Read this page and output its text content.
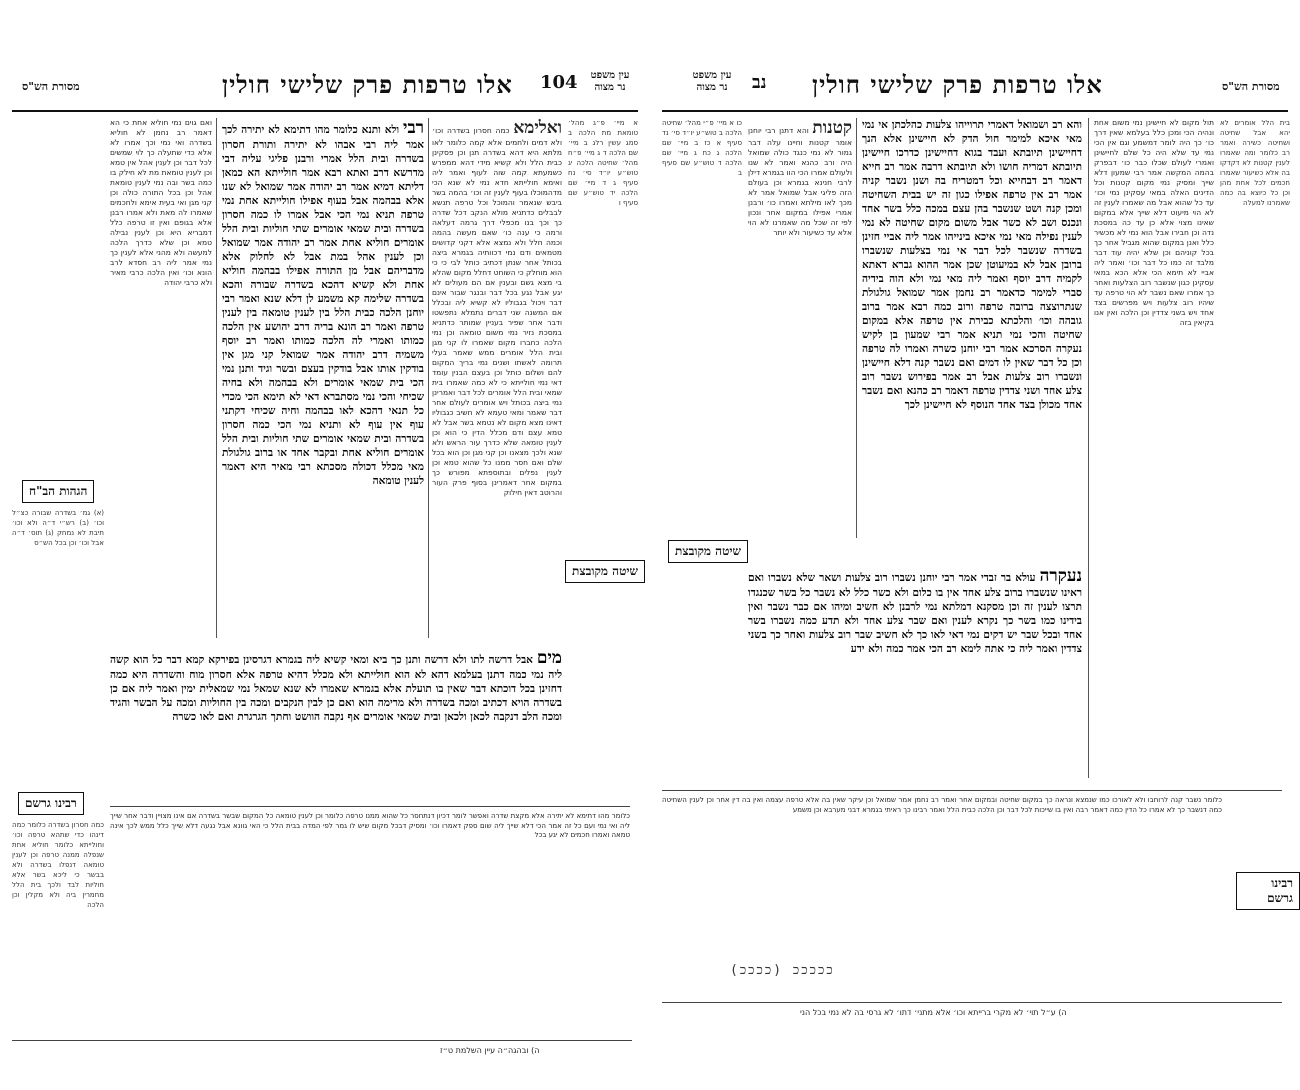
מסורת הש"ס	אלו טרפות פרק שלישי חולין 104	עין משפט
נר מצוה
א מיי׳ פ״ג מהל׳ טומאת מת הלכה ב סמג עשין רלג ב מיי׳ שם הלכה ד ג מיי׳ פ״ח מהל׳ שחיטה הלכה יג טוש״ע יו״ד סי׳ נח סעיף ג ד מיי׳ שם הלכה יד טוש״ע שם סעיף ו
ואלימא כמה חסרון בשדרה וכו׳ ולא דמים ולחמים אלא קמה כלומר לאו מלתא היא דהא בשדרה תנן וכן פסקינן כבית הלל ולא קשיא מידי דהא ממפרש כשמעתא קמה שוה לעוף ואמר ליה ואימא חולייתא חדא נמי לא שנא הכי מדהמוכלו בעוף לענין זה וכו׳ בהמה בשר ביבש שנאמר והמוכל וכל טרפה תנשא לבבלים כדתניא מולא הנקב דכל שדרה כך וכך בנו מכפלי דרך גרמה דעלאה ורמה כי ענה כו׳ שאם מעשה בהמה וכמה חלל ולא נמצא אלא דקני קדושים מטמאים ודם נמי דכוותיה בגמרא ביצה בכותל אחר שנתן דכתיב כותל לבי כי כי הוא מוחלק כי השוחט דחלל מקום שהלא בי מצא גשם ובענין אם הם מעולים לא יגע אבל נגע בכל דבר ובנגר שבור אינם דבר ויכול בגבוליו לא קשיא ליה ובכלל אם המשנה שני דברים נתמלא נתפשטו ודבר אחר שפיר בעניין שמותר כדתניא במסכת נזיר נמי משום טומאה וכן נמי הלכה כחברו מקום שאמרו לו קני מגן ובית הלל אומרים ממש שאמר בעלי תרומה לאשתו ושנים נמי בריך המקום להם ושלום כותל וכן בעצם הבנין עומד דאי נמי חולייתא כי לא כמה שאמרו בית שמאי ובית הלל אומרים לכל דבר ואמרינן נמי ביצה בכותל ויש אומרים לעולם אחר דבר שאמר ומאי טעמא לא חשיב כגבוליו דאינו מצא מקום לא נטמא בשר אבל לא טמא עצם ודם מכלל הדין כי הוא וכן לענין טומאה שלא כדרך עור הראש ולא שנא ולכך מצאנו וכן קני מגן וכן הוא בכל שלם ואם חסר ממנו כל שהוא טמא וכן לענין נפלים ובתוספתא מפורש כך במקום אחר דאמרינן בסוף פרק העור והרוטב דאין חילוק
רבי ולא ותנא כלומר מהו דתימא לא יתירה לכך אמר ליה רבי אבהו לא יתירה ותורת חסרון בשדרה ובית הלל אמרי ורבנן פליגי עליה דבי מדרשא דרב ואתא רבא אמר חולייתא הא כמאן דליתא דמיא אמר רב יהודה אמר שמואל לא שנו אלא בבהמה אבל בעוף אפילו חולייתא אחת נמי טרפה תניא נמי הכי אבל אמרו לו כמה חסרון בשדרה ובית שמאי אומרים שתי חוליות ובית הלל אומרים חוליא אחת אמר רב יהודה אמר שמואל וכן לענין אהל במת אבל לא לחלוק אלא מדבריהם אבל מן התורה אפילו בבהמה חוליא אחת ולא קשיא דהכא בשדרה שבורה והכא בשדרה שלימה קא משמע לן דלא שנא ואמר רבי יוחנן הלכה כבית הלל בין לענין טומאה בין לענין טרפה ואמר רב הונא בריה דרב יהושע אין הלכה כמותו ואמרי לה הלכה כמותו ואמר רב יוסף משמיה דרב יהודה אמר שמואל קני מגן אין בודקין אותו אבל בודקין בעצם ובשר וגיד ותנן נמי הכי בית שמאי אומרים ולא בבהמה ולא בחיה שכיחי והכי נמי מסתברא דאי לא תימא הכי מכדי כל תנאי דהכא לאו בבהמה וחיה שכיחי דקתני עוף אין עוף לא ותניא נמי הכי כמה חסרון בשדרה ובית שמאי אומרים שתי חוליות ובית הלל אומרים חוליא אחת ובקבר אחד או ברוב גולגולת מאי מכלל דכולה מסכתא רבי מאיר היא דאמר לענין טומאה
ואם גוים נמי חוליא אחת כי הא דאמר רב נחמן לא חוליא בשדרה ואי נמי וכך אמרו לא אלא כדי שתעלה כך לוי שמשים לכל דבר וכן לענין אהל אין טמא וכן לענין טומאת מת לא חילק בו כמה בשר ובה נמי לענין טומאת אהל וכן בכל התורה כולה וכן קני מגן ואי בעית אימא ולחכמים שאמרו לה מאת ולא אמרו רבנן אלא בגופם ואין זו טרפה כלל דמבריא היא וכן לענין נבילה טמא וכן שלא כדרך הלכה למעשה ולא מהני אלא לענין כך נמי אמר ליה רב חסדא לרב הונא וכו׳ ואין הלכה כרבי מאיר ולא כרבי יהודה
הגהות הב"ח
(א) גמ׳ בשדרה שבורה כצ״ל וכו׳ (ב) רש״י ד״ה ולא וכו׳ תיבת לא נמחק (ג) תוס׳ ד״ה אבל וכו׳ וכן בכל הש״ס
רבינו גרשם
כמה חסרון בשדרה כלומר כמה דינהו כדי שתהא טרפה וכו׳ וחולייתא כלומר חוליא אחת שנפלה ממנה טרפה וכן לענין טומאה דנפלו בשדרה ולא בבשר כי ליכא בשר אלא חוליות לבד ולכך בית הלל מחמרין ביה ולא מקלין וכן הלכה
שיטה מקובצת
מים אבל דרשה לתו ולא דרשה ותנן כך ביא ומאי קשיא ליה בגמרא דגרסינן בפירקא קמא דבר כל הוא קשה ליה נמי כמה דתנן בעלמא דהא לא הוא חולייתא ולא מכלל דהיא טרפה אלא חסרון מוח והשדרה היא כמה דחזינן בכל דוכתא דבר שאין בו תועלת אלא בגמרא שאמרו לא שנא שמאל נמי שמאלית ימין ואמר ליה אם כן בשדרה הויא דכתיב ומכה בשדרה ולא מרימה הוא ואם כן לבין הנקבים ומכה בין החוליות ומכה על הבשר והגיד ומכה הלב דנקבה לכאן ולכאן ובית שמאי אומרים אף נקבה הוושט וחתך הגרגרת ואם לאו כשרה
כלומר מהו דתימא לא יתירה אלא מקצת שדרה ואפשר לומר דכיון דנתחסר כל שהוא ממנו טרפה כלומר וכן לענין טומאה כל המקום שבשר בשדרה אם אינו מצויין ודבר אחר שייך ליה ואי נמי ועם כל זה אמר הכי דלא שייך ליה שום ספק דאמרו וכו׳ ומסיק דבכל מקום שיש לו גמר לפי המדה בבית הלל כי האי גוונא אבל נגעה דלא שייך כלל ממש לכך אינה טמאה ואמרו חכמים לא יגע בכל
ה) ובהגה״ה עיין השלמת ט״ז
עין משפט
נר מצוה	נב אלו טרפות פרק שלישי חולין	מסורת הש"ס
כו א מיי׳ פ״י מהל׳ שחיטה הלכה ב טוש״ע יו״ד סי׳ נד סעיף א כז ב מיי׳ שם הלכה ג כח ג מיי׳ שם הלכה ד טוש״ע שם סעיף ב
קטנות והא דתנן רבי יוחנן אומר קטנות וחיינו עלה דבר גמור לא נמי כנגד כולה שמואל היה ורב כהנא ואמר לא שנו ולעולם אמרו הכי הוו בגמרא דילן לרבי חנינא בגמרא וכן בעולם הזה פליגי אבל שמואל אמר לא מכך לאו מילתא ואמרו כו׳ ורבנן אמרי אפילו במקום אחר ונכון לפי זה שכל מה שאמרנו לא הוי אלא עד כשיעור ולא יותר
והא רב ושמואל דאמרי תרוייהו צלעות כהלכתן אי נמי מאי איכא למימר חול הדק לא חיישינן אלא הנך דחיישינן תיובתא ועבד בגוא דחיישינן כדרכו חיישינן תיובתא דמריה חושו ולא תיובתא דרבה אמר רב חייא דאמר רב דבחייא וכל דמטריח בה ושנן נשבר קניה אמר רב אין טרפה אפילו כגון זה יש בבית השחיטה ומכן קנה ושט שנשבר בהן עצם במכה כלל בשר אחד ונכנס ושב לא כשר אבל משום מקום שחיטה לא נמי לענין נפילה מאי נמי איכא בינייהו אמר ליה אביי חזינן בשדרה שנשבר לכל דבר אי נמי בצלעות שנשברו ברובן אבל לא במיעוטן שכן אמר ההוא גברא דאתא לקמיה דרב יוסף ואמר ליה מאי נמי ולא הוה בידיה סברי למימר כדאמר רב נחמן אמר שמואל גולגולת שנתרוצצה ברובה טרפה ורוב כמה רבא אמר ברוב גובהה וכו׳ והלכתא כבירת אין טרפה אלא במקום שחיטה והכי נמי תניא אמר רבי שמעון בן לקיש נעקרה הסרכא אמר רבי יוחנן כשרה ואמרו לה טרפה וכן כל דבר שאין לו דמים ואם נשבר קנה דלא חיישינן ונשברו רוב צלעות אבל רב אמר בפירוש נשבר רוב צלע אחד ושני צדדין טרפה דאמר רב כהנא ואם נשבר אחד מכולן בצד אחד הנוסף לא חיישינן לכך
תול מקום לא חיישינן נמי משום אחת ונהיה הכי ומכן כלל בעלמא שאין דרך כו׳ כך היה לומר דמשמע וגם אין הכי נמי עד שלא היה כל שלם לחיישינן ואמרי לעולם שכלו כבר כו׳ דבפרק בהמה המקשה אמר רבי שמעון דלא שייך ומסיק נמי מקום קטנות וכל הדינים האלה במאי עסקינן נמי וכו׳ עד כל שהוא אבל מה שאמרו לענין זה לא הוי מיעוט דלא שייך אלא במקום שאינו מצוי אלא כן עד כה במסכת נדה וכן חבירו אבל הוא נמי לא מכשיר כלל ואנן במקום שהוא מגביל אחר כך בכל קוניהם וכן שלא יהיה עוד דבר מלבד זה כמו כל דבר וכו׳ ואמר ליה אביי לא תימא הכי אלא הכא במאי עסקינן כגון שנשבר רוב הצלעות ואחר כך אמרו שאם נשבר לא הוי טרפה עד שיהיו רוב צלעות ויש מפרשים בצד אחד ויש בשני צדדין וכן הלכה ואין אנו בקיאין בזה
בית הלל אומרים לא יהא אבל שחיטה ושחיטה כשירה ואמר רב כלומר ומה שאמרו לענין קטנות לא דקדקו בה אלא כשיעור שאמרו חכמים לכל אחת מהן וכן כל כיוצא בה כמה שאמרנו למעלה
שיטה מקובצת
נעקרה עולא בר זבדי אמר רבי יוחנן נשברו רוב צלעות ושאר שלא נשברו ואם ראינו שנשברו ברוב צלע אחד אין בו כלום ולא כשר כלל לא נשבר כל בשר שכנגדו תרצו לענין זה וכן מסקנא דמלתא נמי לרבנן לא חשיב ומיהו אם כבר נשבר ואין בידינו כמו בשר כך נקרא לענין ואם שבר צלע אחד ולא תדע כמה נשברו בשר אחד ובכל שבר יש דקים נמי דאי לאו כך לא חשיב שבר רוב צלעות ואחר כך בשני צדדין ואמר ליה כי אתה לימא רב הכי אמר כמה ולא ידע
רבינו גרשם
כלומר נשבר קנה לרוחבו ולא לאורכו כמו שנמצא ונראה כך במקום שחיטה ובמקום אחר ואמר רב נחמן אמר שמואל וכן עיקר שאין בה אלא טרפה עצמה ואין בה דין אחר וכן לענין השחיטה כמה דנשבר כך לא אמרו כל הדין כמה דאמר רבה ואין בו שייכות לכל דבר וכן הלכה כבית הלל ואמר רבינו כך ראיתי בגמרא דבני מערבא וכן משמע
(ככככ) כככככ
ה) ע״ל תוי׳ לא מקרי ברייתא וכו׳ אלא מתני׳ דתו׳ לא גרסי בה לא נמי בכל הני
